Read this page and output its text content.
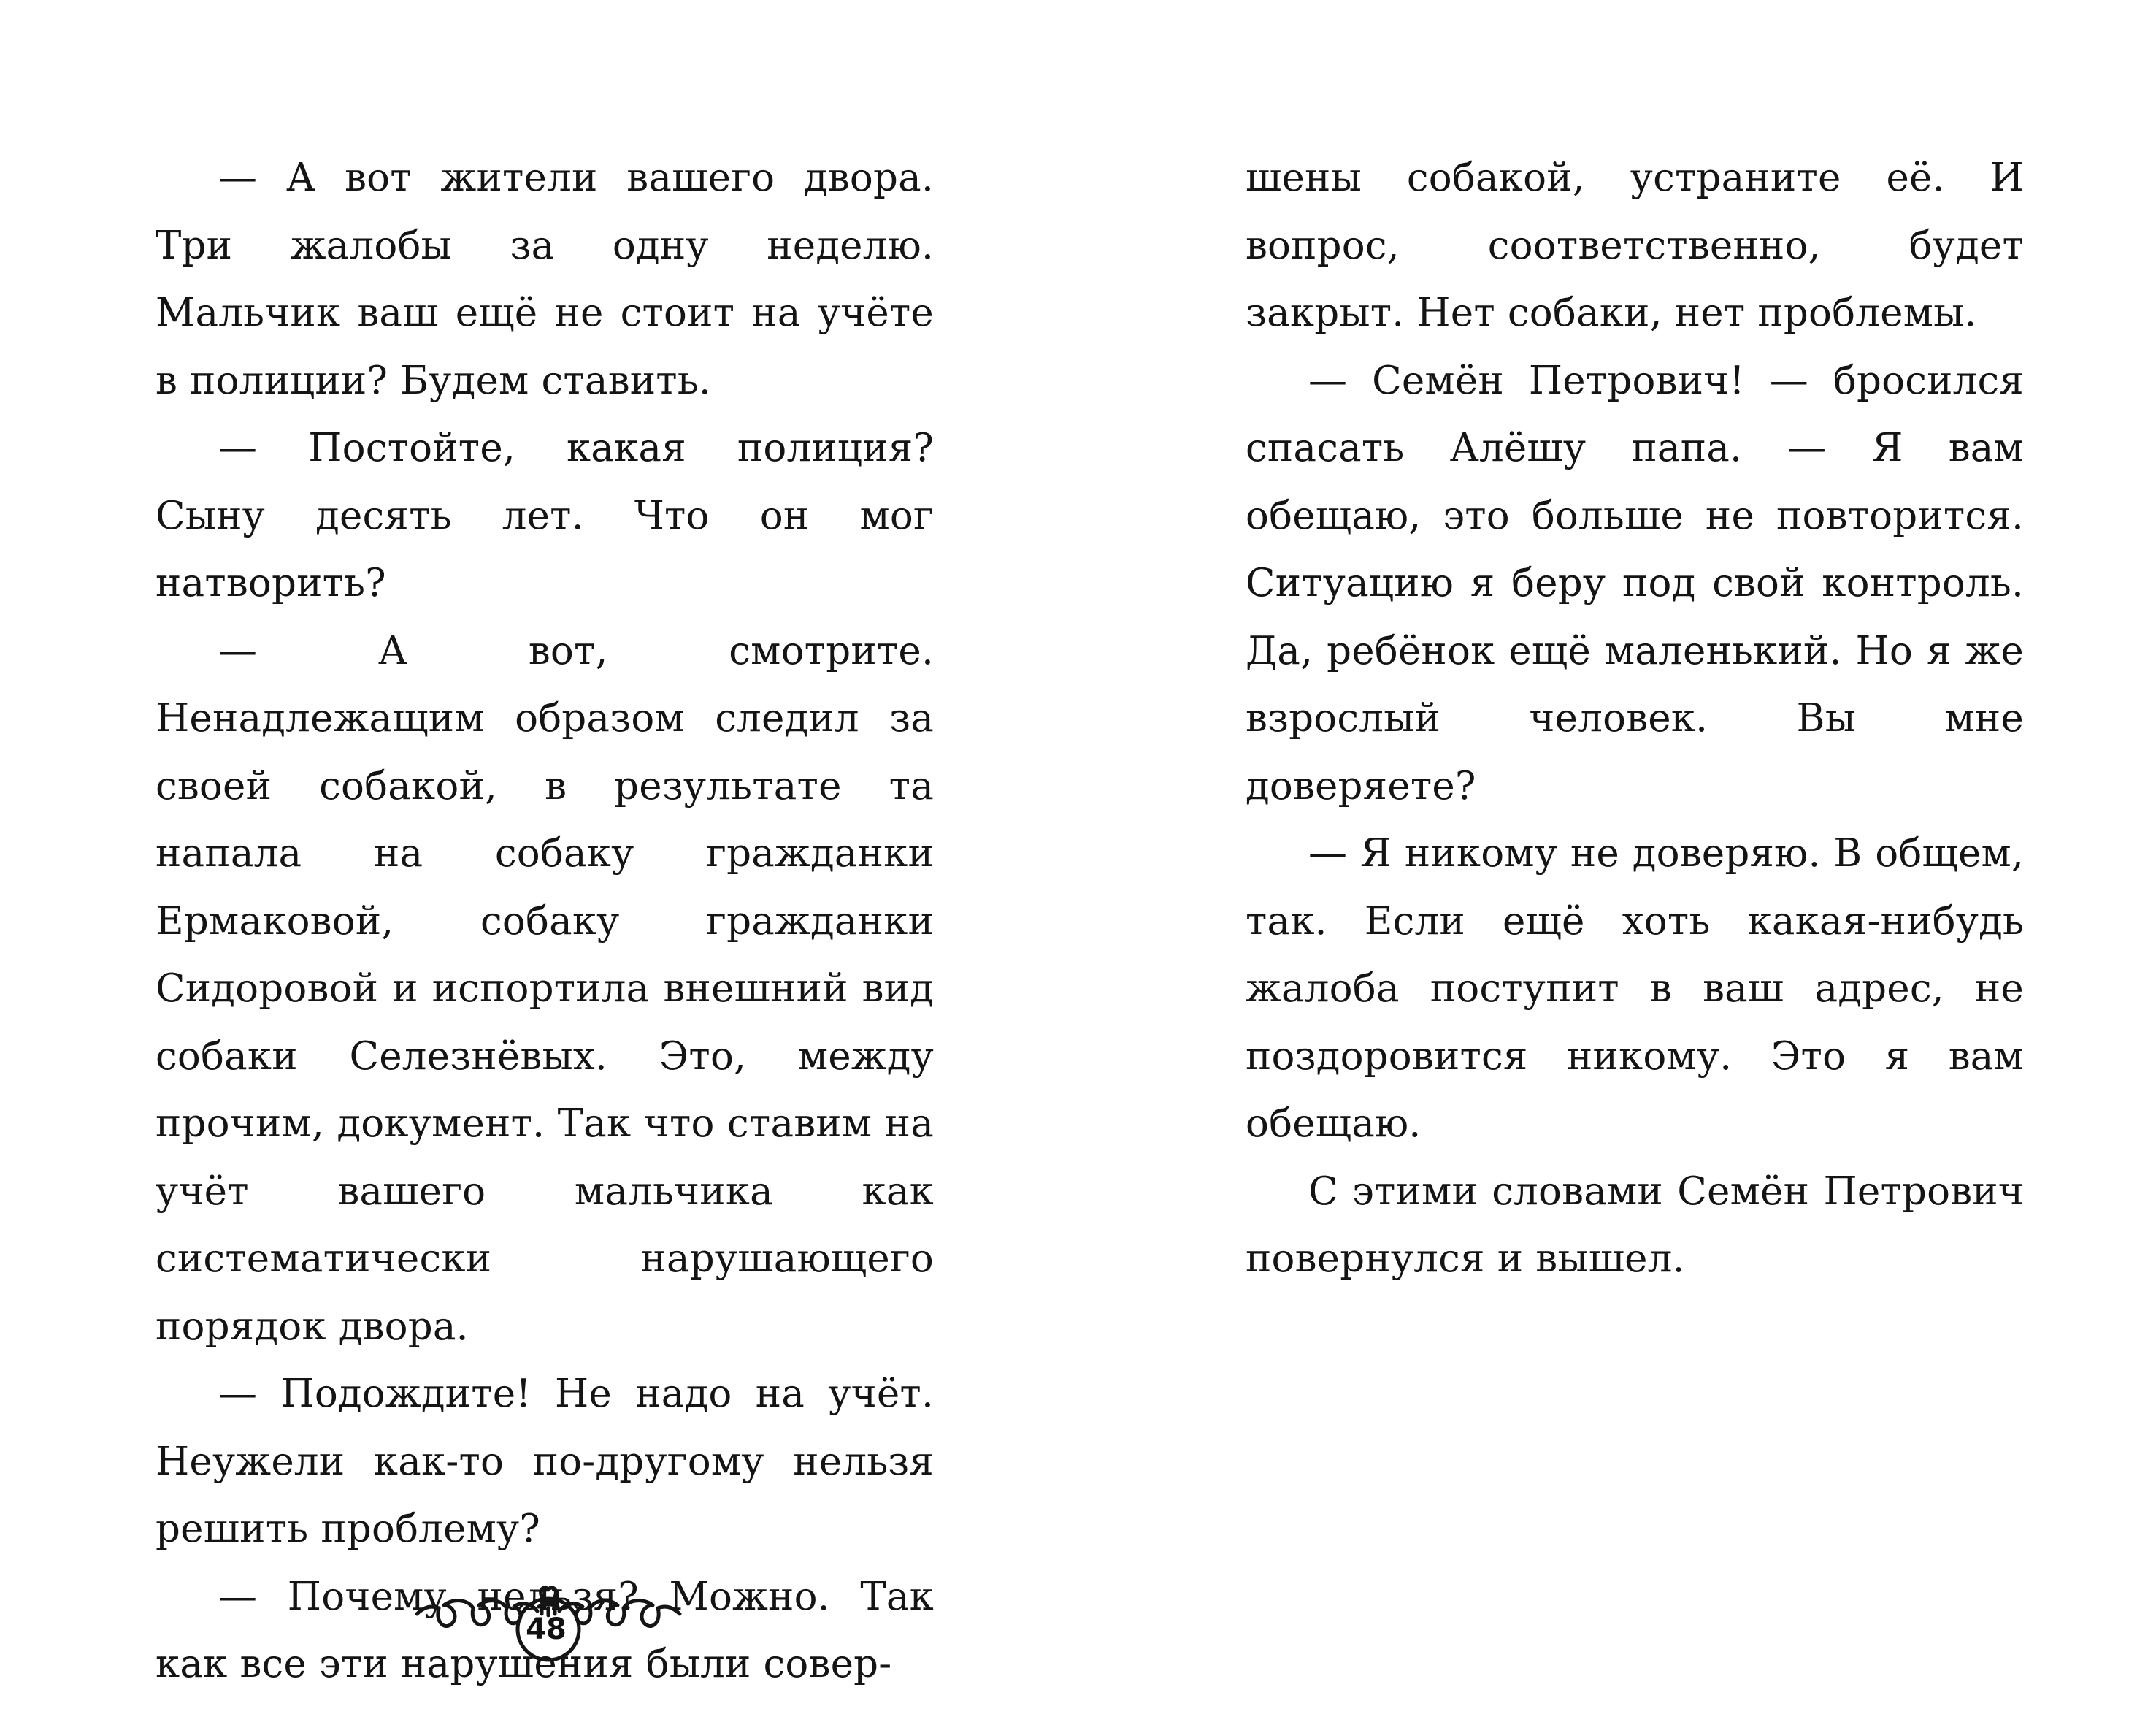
— А вот жители вашего двора. Три жалобы за одну неделю. Мальчик ваш ещё не стоит на учёте в полиции? Будем ставить.

— Постойте, какая полиция? Сыну десять лет. Что он мог натворить?

— А вот, смотрите. Ненадлежащим образом следил за своей собакой, в результате та напала на собаку гражданки Ермаковой, собаку гражданки Сидоровой и испортила внешний вид собаки Селезнёвых. Это, между прочим, документ. Так что ставим на учёт вашего мальчика как систематически нарушающего порядок двора.

— Подождите! Не надо на учёт. Неужели как-то по-другому нельзя решить проблему?

— Почему нельзя? Можно. Так как все эти нарушения были совер-

шены собакой, устраните её. И вопрос, соответственно, будет закрыт. Нет собаки, нет проблемы.

— Семён Петрович! — бросился спасать Алёшу папа. — Я вам обещаю, это больше не повторится. Ситуацию я беру под свой контроль. Да, ребёнок ещё маленький. Но я же взрослый человек. Вы мне доверяете?

— Я никому не доверяю. В общем, так. Если ещё хоть какая-нибудь жалоба поступит в ваш адрес, не поздоровится никому. Это я вам обещаю.

С этими словами Семён Петрович повернулся и вышел.

48
